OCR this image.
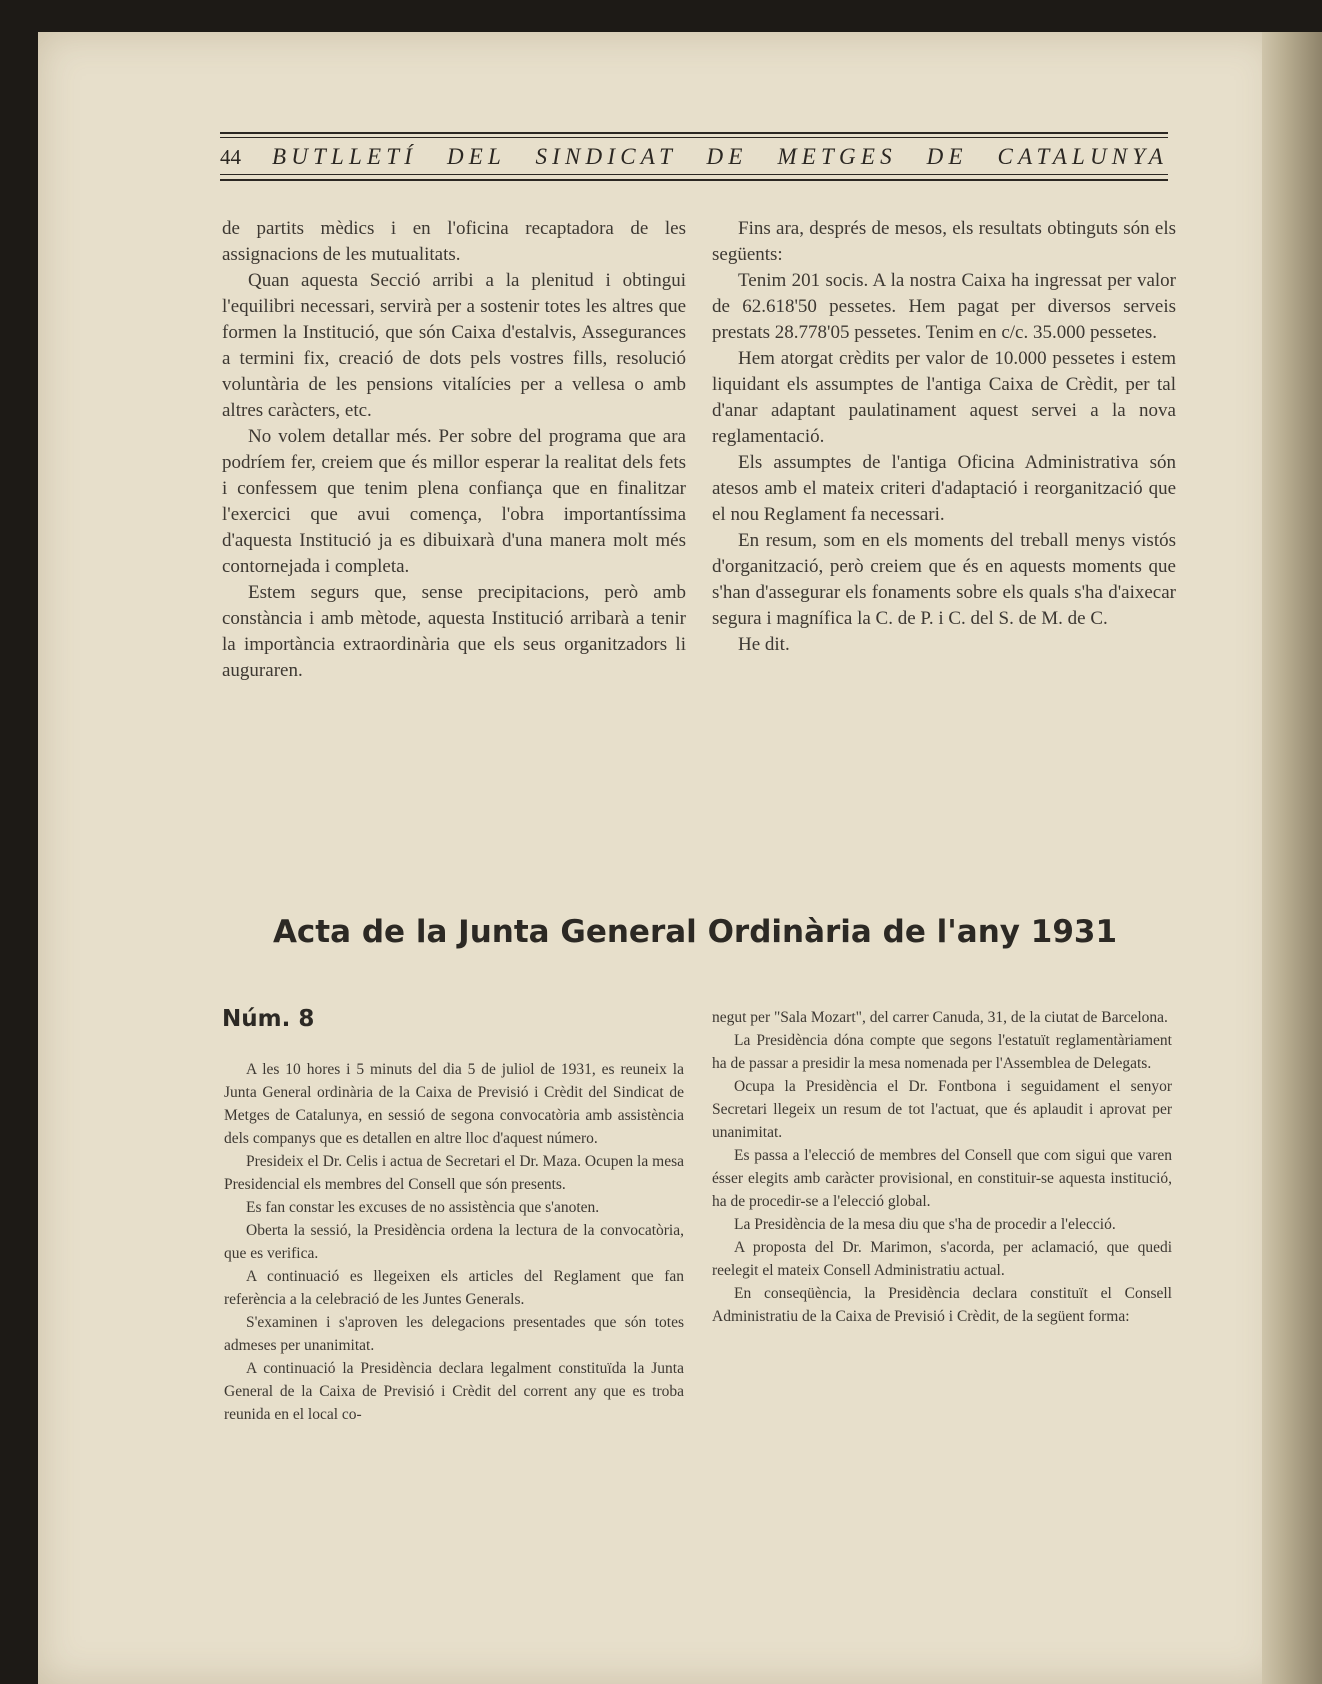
44	BUTLLETÍ DEL SINDICAT DE METGES DE CATALUNYA

de partits mèdics i en l'oficina recaptadora de les assignacions de les mutualitats.

Quan aquesta Secció arribi a la plenitud i obtingui l'equilibri necessari, servirà per a sostenir totes les altres que formen la Institució, que són Caixa d'estalvis, Assegurances a termini fix, creació de dots pels vostres fills, resolució voluntària de les pensions vitalícies per a vellesa o amb altres caràcters, etc.

No volem detallar més. Per sobre del programa que ara podríem fer, creiem que és millor esperar la realitat dels fets i confessem que tenim plena confiança que en finalitzar l'exercici que avui comença, l'obra importantíssima d'aquesta Institució ja es dibuixarà d'una manera molt més contornejada i completa.

Estem segurs que, sense precipitacions, però amb constància i amb mètode, aquesta Institució arribarà a tenir la importància extraordinària que els seus organitzadors li auguraren.

Fins ara, després de mesos, els resultats obtinguts són els següents:

Tenim 201 socis. A la nostra Caixa ha ingressat per valor de 62.618'50 pessetes. Hem pagat per diversos serveis prestats 28.778'05 pessetes. Tenim en c/c. 35.000 pessetes.

Hem atorgat crèdits per valor de 10.000 pessetes i estem liquidant els assumptes de l'antiga Caixa de Crèdit, per tal d'anar adaptant paulatinament aquest servei a la nova reglamentació.

Els assumptes de l'antiga Oficina Administrativa són atesos amb el mateix criteri d'adaptació i reorganització que el nou Reglament fa necessari.

En resum, som en els moments del treball menys vistós d'organització, però creiem que és en aquests moments que s'han d'assegurar els fonaments sobre els quals s'ha d'aixecar segura i magnífica la C. de P. i C. del S. de M. de C.

He dit.

Acta de la Junta General Ordinària de l'any 1931
Núm. 8

A les 10 hores i 5 minuts del dia 5 de juliol de 1931, es reuneix la Junta General ordinària de la Caixa de Previsió i Crèdit del Sindicat de Metges de Catalunya, en sessió de segona convocatòria amb assistència dels companys que es detallen en altre lloc d'aquest número.

Presideix el Dr. Celis i actua de Secretari el Dr. Maza. Ocupen la mesa Presidencial els membres del Consell que són presents.

Es fan constar les excuses de no assistència que s'anoten.

Oberta la sessió, la Presidència ordena la lectura de la convocatòria, que es verifica.

A continuació es llegeixen els articles del Reglament que fan referència a la celebració de les Juntes Generals.

S'examinen i s'aproven les delegacions presentades que són totes admeses per unanimitat.

A continuació la Presidència declara legalment constituïda la Junta General de la Caixa de Previsió i Crèdit del corrent any que es troba reunida en el local co-

negut per "Sala Mozart", del carrer Canuda, 31, de la ciutat de Barcelona.

La Presidència dóna compte que segons l'estatuït reglamentàriament ha de passar a presidir la mesa nomenada per l'Assemblea de Delegats.

Ocupa la Presidència el Dr. Fontbona i seguidament el senyor Secretari llegeix un resum de tot l'actuat, que és aplaudit i aprovat per unanimitat.

Es passa a l'elecció de membres del Consell que com sigui que varen ésser elegits amb caràcter provisional, en constituir-se aquesta institució, ha de procedir-se a l'elecció global.

La Presidència de la mesa diu que s'ha de procedir a l'elecció.

A proposta del Dr. Marimon, s'acorda, per aclamació, que quedi reelegit el mateix Consell Administratiu actual.

En conseqüència, la Presidència declara constituït el Consell Administratiu de la Caixa de Previsió i Crèdit, de la següent forma:
